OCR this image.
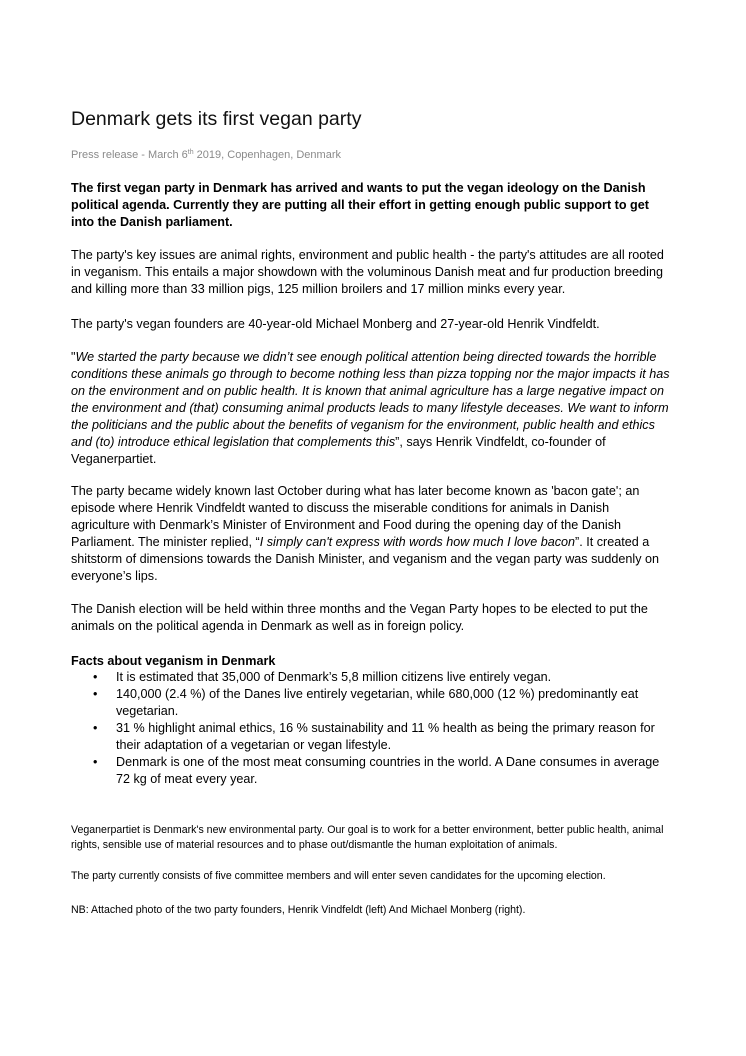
Denmark gets its first vegan party
Press release - March 6th 2019, Copenhagen, Denmark

The first vegan party in Denmark has arrived and wants to put the vegan ideology on the Danish political agenda. Currently they are putting all their effort in getting enough public support to get into the Danish parliament.

The party's key issues are animal rights, environment and public health - the party's attitudes are all rooted in veganism. This entails a major showdown with the voluminous Danish meat and fur production breeding and killing more than 33 million pigs, 125 million broilers and 17 million minks every year.

The party's vegan founders are 40-year-old Michael Monberg and 27-year-old Henrik Vindfeldt.

"We started the party because we didn’t see enough political attention being directed towards the horrible conditions these animals go through to become nothing less than pizza topping nor the major impacts it has on the environment and on public health. It is known that animal agriculture has a large negative impact on the environment and (that) consuming animal products leads to many lifestyle deceases. We want to inform the politicians and the public about the benefits of veganism for the environment, public health and ethics and (to) introduce ethical legislation that complements this”, says Henrik Vindfeldt, co-founder of Veganerpartiet.

The party became widely known last October during what has later become known as 'bacon gate'; an episode where Henrik Vindfeldt wanted to discuss the miserable conditions for animals in Danish agriculture with Denmark’s Minister of Environment and Food during the opening day of the Danish Parliament. The minister replied, “I simply can't express with words how much I love bacon”. It created a shitstorm of dimensions towards the Danish Minister, and veganism and the vegan party was suddenly on everyone’s lips.

The Danish election will be held within three months and the Vegan Party hopes to be elected to put the animals on the political agenda in Denmark as well as in foreign policy.

Facts about veganism in Denmark
• It is estimated that 35,000 of Denmark’s 5,8 million citizens live entirely vegan.
• 140,000 (2.4 %) of the Danes live entirely vegetarian, while 680,000 (12 %) predominantly eat vegetarian.
• 31 % highlight animal ethics, 16 % sustainability and 11 % health as being the primary reason for their adaptation of a vegetarian or vegan lifestyle.
• Denmark is one of the most meat consuming countries in the world. A Dane consumes in average 72 kg of meat every year.

Veganerpartiet is Denmark's new environmental party. Our goal is to work for a better environment, better public health, animal rights, sensible use of material resources and to phase out/dismantle the human exploitation of animals.

The party currently consists of five committee members and will enter seven candidates for the upcoming election.

NB: Attached photo of the two party founders, Henrik Vindfeldt (left) And Michael Monberg (right).
